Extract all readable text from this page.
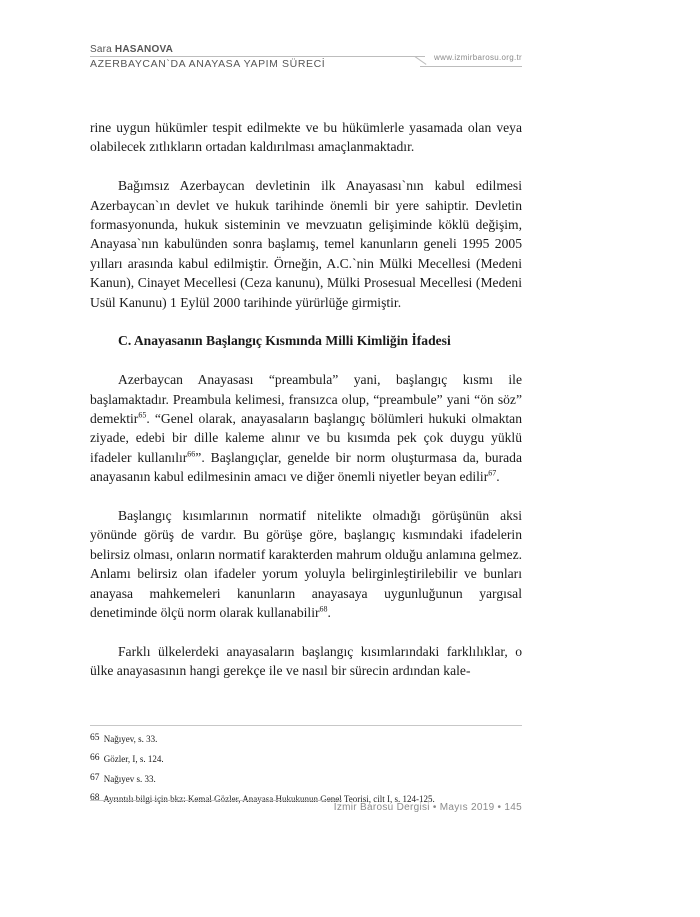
Sara HASANOVA
AZERBAYCAN`DA ANAYASA YAPIM SÜRECİ
www.izmirbarosu.org.tr

rine uygun hükümler tespit edilmekte ve bu hükümlerle yasamada olan veya olabilecek zıtlıkların ortadan kaldırılması amaçlanmaktadır.

Bağımsız Azerbaycan devletinin ilk Anayasası`nın kabul edilmesi Azerbaycan`ın devlet ve hukuk tarihinde önemli bir yere sahiptir. Devletin formasyonunda, hukuk sisteminin ve mevzuatın gelişiminde köklü değişim, Anayasa`nın kabulünden sonra başlamış, temel kanunların geneli 1995 2005 yılları arasında kabul edilmiştir. Örneğin, A.C.`nin Mülki Mecellesi (Medeni Kanun), Cinayet Mecellesi (Ceza kanunu), Mülki Prosesual Mecellesi (Medeni Usül Kanunu) 1 Eylül 2000 tarihinde yürürlüğe girmiştir.

C. Anayasanın Başlangıç Kısmında Milli Kimliğin İfadesi

Azerbaycan Anayasası “preambula” yani, başlangıç kısmı ile başlamaktadır. Preambula kelimesi, fransızca olup, “preambule” yani “ön söz” demektir$^{65}$. “Genel olarak, anayasaların başlangıç bölümleri hukuki olmaktan ziyade, edebi bir dille kaleme alınır ve bu kısımda pek çok duygu yüklü ifadeler kullanılır$^{66}$”. Başlangıçlar, genelde bir norm oluşturmasa da, burada anayasanın kabul edilmesinin amacı ve diğer önemli niyetler beyan edilir$^{67}$.

Başlangıç kısımlarının normatif nitelikte olmadığı görüşünün aksi yönünde görüş de vardır. Bu görüşe göre, başlangıç kısmındaki ifadelerin belirsiz olması, onların normatif karakterden mahrum olduğu anlamına gelmez. Anlamı belirsiz olan ifadeler yorum yoluyla belirginleştirilebilir ve bunları anayasa mahkemeleri kanunların anayasaya uygunluğunun yargısal denetiminde ölçü norm olarak kullanabilir$^{68}$.

Farklı ülkelerdeki anayasaların başlangıç kısımlarındaki farklılıklar, o ülke anayasasının hangi gerekçe ile ve nasıl bir sürecin ardından kale-

65 Nağıyev, s. 33.
66 Gözler, I, s. 124.
67 Nağıyev s. 33.
68 Ayrıntılı bilgi için bkz: Kemal Gözler, Anayasa Hukukunun Genel Teorisi, cilt I, s. 124-125.
İzmir Barosu Dergisi • Mayıs 2019 • 145
